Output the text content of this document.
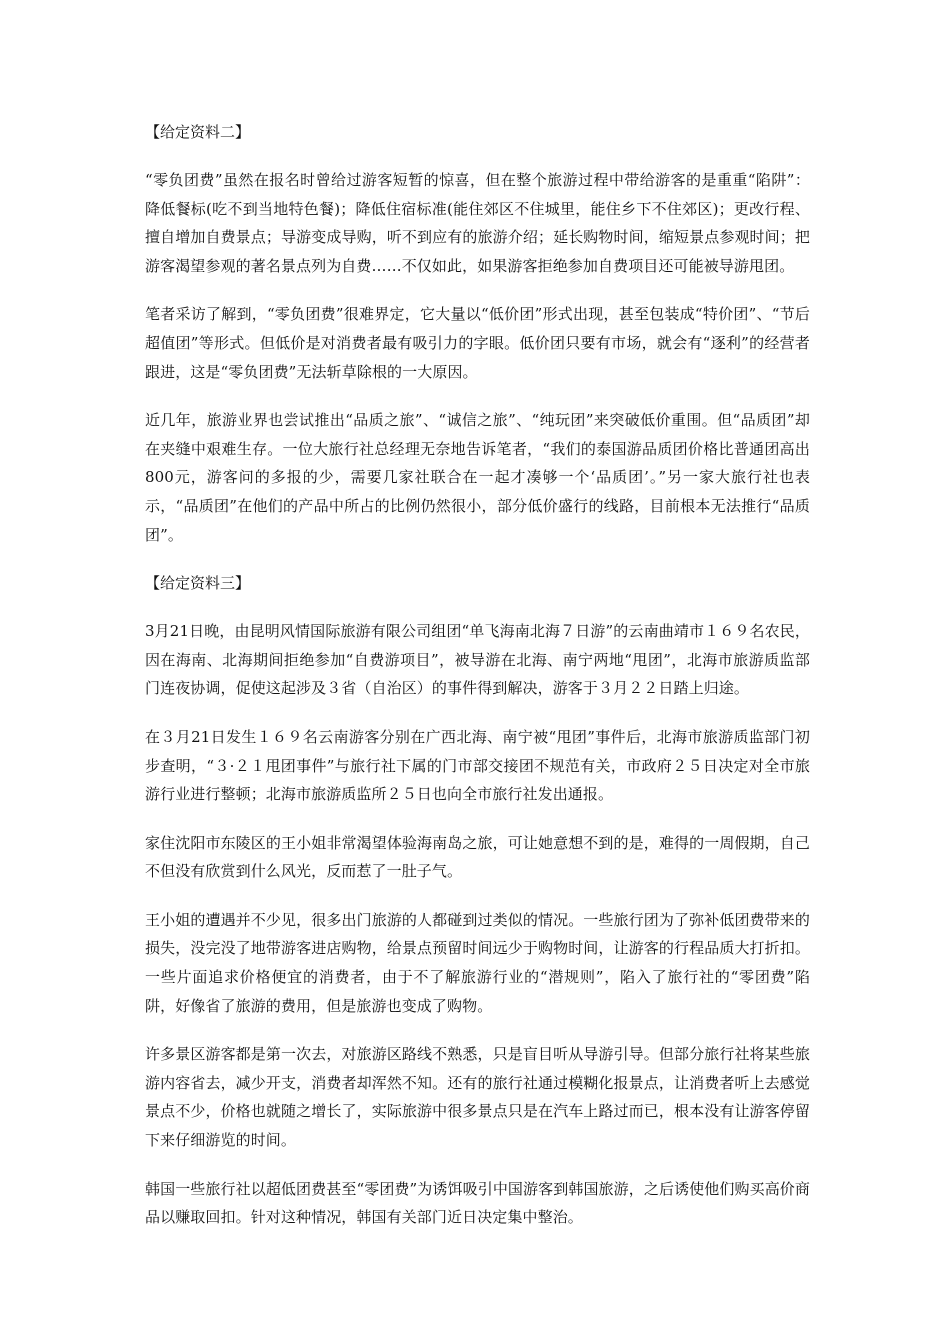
【给定资料二】

“零负团费”虽然在报名时曾给过游客短暂的惊喜，但在整个旅游过程中带给游客的是重重“陷阱”：降低餐标(吃不到当地特色餐)；降低住宿标准(能住郊区不住城里，能住乡下不住郊区)；更改行程、擅自增加自费景点；导游变成导购，听不到应有的旅游介绍；延长购物时间，缩短景点参观时间；把游客渴望参观的著名景点列为自费……不仅如此，如果游客拒绝参加自费项目还可能被导游甩团。

笔者采访了解到，“零负团费”很难界定，它大量以“低价团”形式出现，甚至包装成“特价团”、“节后超值团”等形式。但低价是对消费者最有吸引力的字眼。低价团只要有市场，就会有“逐利”的经营者跟进，这是“零负团费”无法斩草除根的一大原因。

近几年，旅游业界也尝试推出“品质之旅”、“诚信之旅”、“纯玩团”来突破低价重围。但“品质团”却在夹缝中艰难生存。一位大旅行社总经理无奈地告诉笔者，“我们的泰国游品质团价格比普通团高出800元，游客问的多报的少，需要几家社联合在一起才凑够一个‘品质团’。”另一家大旅行社也表示，“品质团”在他们的产品中所占的比例仍然很小，部分低价盛行的线路，目前根本无法推行“品质团”。

【给定资料三】

3月21日晚，由昆明风情国际旅游有限公司组团“单飞海南北海７日游”的云南曲靖市１６９名农民，因在海南、北海期间拒绝参加“自费游项目”，被导游在北海、南宁两地“甩团”，北海市旅游质监部门连夜协调，促使这起涉及３省（自治区）的事件得到解决，游客于３月２２日踏上归途。

在３月21日发生１６９名云南游客分别在广西北海、南宁被“甩团”事件后，北海市旅游质监部门初步查明，“３·２１甩团事件”与旅行社下属的门市部交接团不规范有关，市政府２５日决定对全市旅游行业进行整顿；北海市旅游质监所２５日也向全市旅行社发出通报。

家住沈阳市东陵区的王小姐非常渴望体验海南岛之旅，可让她意想不到的是，难得的一周假期，自己不但没有欣赏到什么风光，反而惹了一肚子气。

王小姐的遭遇并不少见，很多出门旅游的人都碰到过类似的情况。一些旅行团为了弥补低团费带来的损失，没完没了地带游客进店购物，给景点预留时间远少于购物时间，让游客的行程品质大打折扣。一些片面追求价格便宜的消费者，由于不了解旅游行业的“潜规则”，陷入了旅行社的“零团费”陷阱，好像省了旅游的费用，但是旅游也变成了购物。

许多景区游客都是第一次去，对旅游区路线不熟悉，只是盲目听从导游引导。但部分旅行社将某些旅游内容省去，减少开支，消费者却浑然不知。还有的旅行社通过模糊化报景点，让消费者听上去感觉景点不少，价格也就随之增长了，实际旅游中很多景点只是在汽车上路过而已，根本没有让游客停留下来仔细游览的时间。

韩国一些旅行社以超低团费甚至“零团费”为诱饵吸引中国游客到韩国旅游，之后诱使他们购买高价商品以赚取回扣。针对这种情况，韩国有关部门近日决定集中整治。
